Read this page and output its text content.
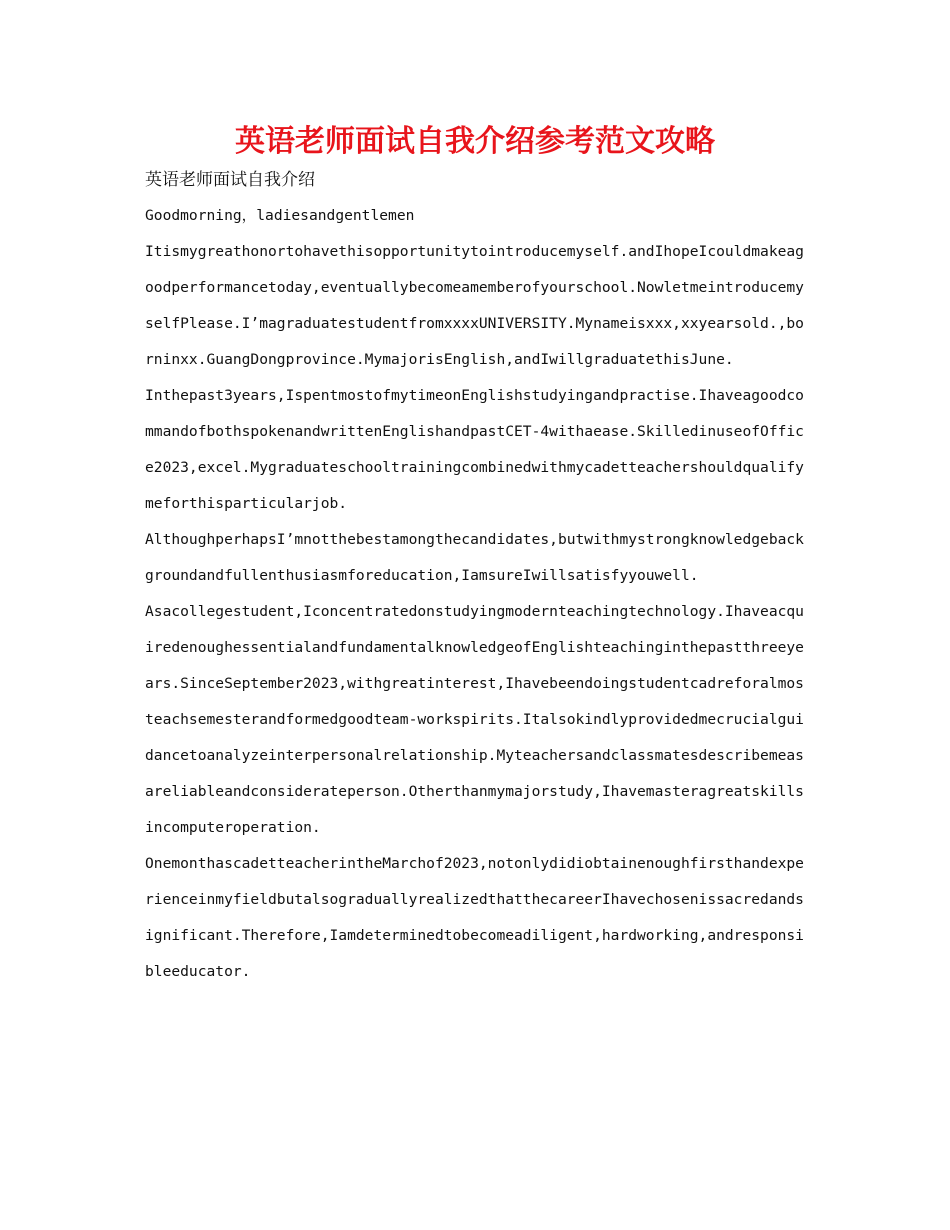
英语老师面试自我介绍参考范文攻略
英语老师面试自我介绍

Goodmorning，ladiesandgentlemen

Itismygreathonortohavethisopportunitytointroducemyself.andIhopeIcouldmakeagoodperformancetoday,eventuallybecomeamemberofyourschool.NowletmeintroducemyselfPlease.I’magraduatestudentfromxxxxUNIVERSITY.Mynameisxxx,xxyearsold.,borninxx.GuangDongprovince.MymajorisEnglish,andIwillgraduatethisJune.

Inthepast3years,IspentmostofmytimeonEnglishstudyingandpractise.IhaveagoodcommandofbothspokenandwrittenEnglishandpastCET-4withaease.SkilledinuseofOffice2023,excel.Mygraduateschooltrainingcombinedwithmycadetteachershouldqualifymeforthisparticularjob.

AlthoughperhapsI’mnotthebestamongthecandidates,butwithmystrongknowledgebackgroundandfullenthusiasmforeducation,IamsureIwillsatisfyyouwell.

Asacollegestudent,Iconcentratedonstudyingmodernteachingtechnology.IhaveacquiredenoughessentialandfundamentalknowledgeofEnglishteachinginthepastthreeyears.SinceSeptember2023,withgreatinterest,Ihavebeendoingstudentcadreforalmosteachsemesterandformedgoodteam-workspirits.Italsokindlyprovidedmecrucialguidancetoanalyzeinterpersonalrelationship.Myteachersandclassmatesdescribemeasareliableandconsiderateperson.Otherthanmymajorstudy,Ihavemasteragreatskillsincomputeroperation.

OnemonthascadetteacherintheMarchof2023,notonlydidiobtainenoughfirsthandexperienceinmyfieldbutalsograduallyrealizedthatthecareerIhavechosenissacredandsignificant.Therefore,Iamdeterminedtobecomeadiligent,hardworking,andresponsibleeducator.
